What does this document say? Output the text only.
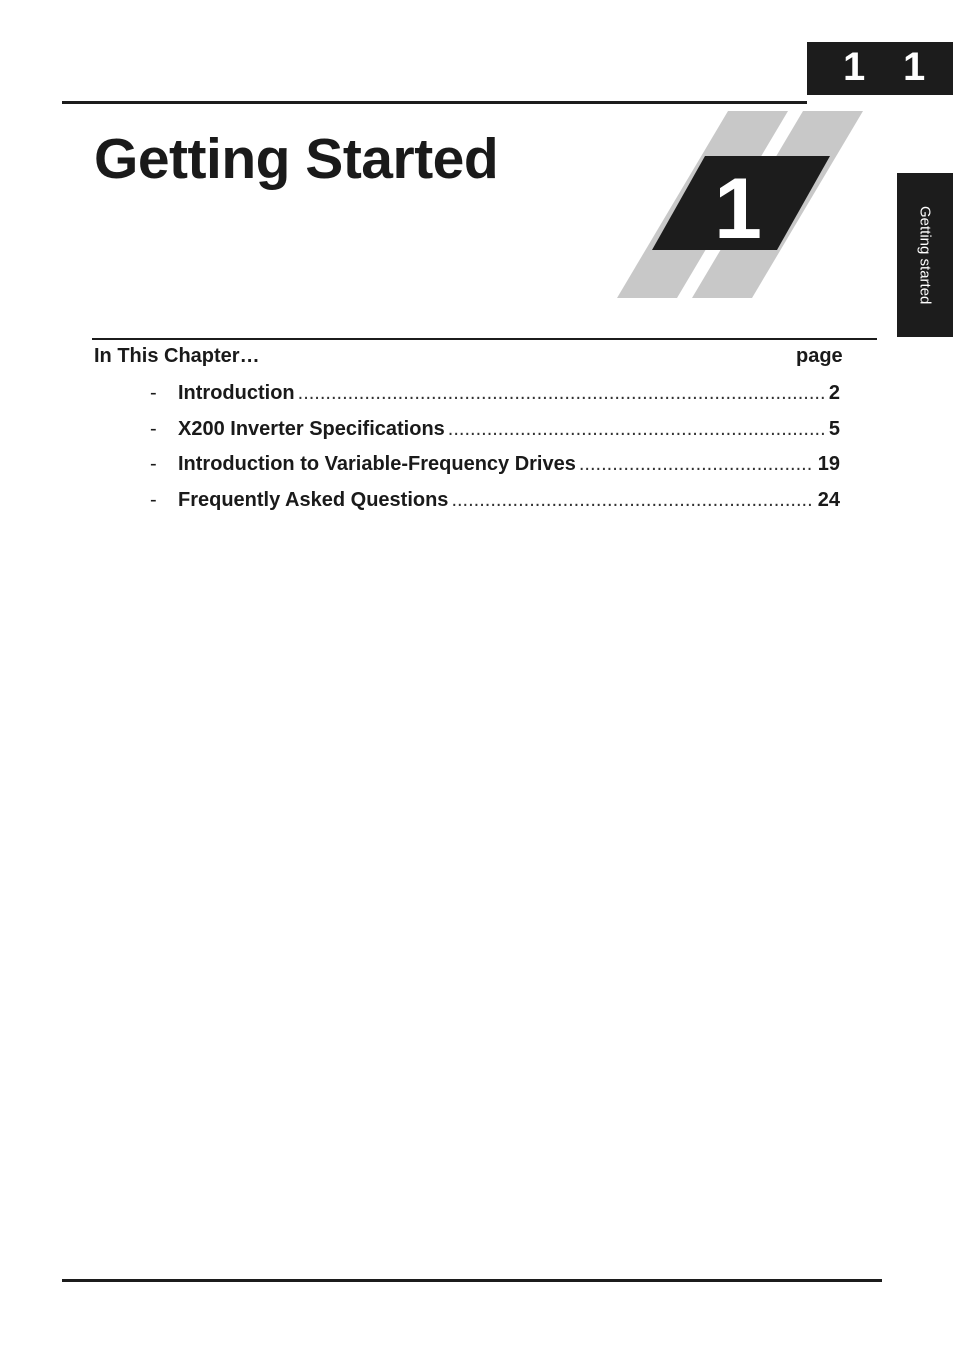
1 1
Getting Started
1	Getting started
In This Chapter…	page
-	Introduction .....	2
-	X200 Inverter Specifications .....	5
-	Introduction to Variable-Frequency Drives .....	19
-	Frequently Asked Questions .....	24
